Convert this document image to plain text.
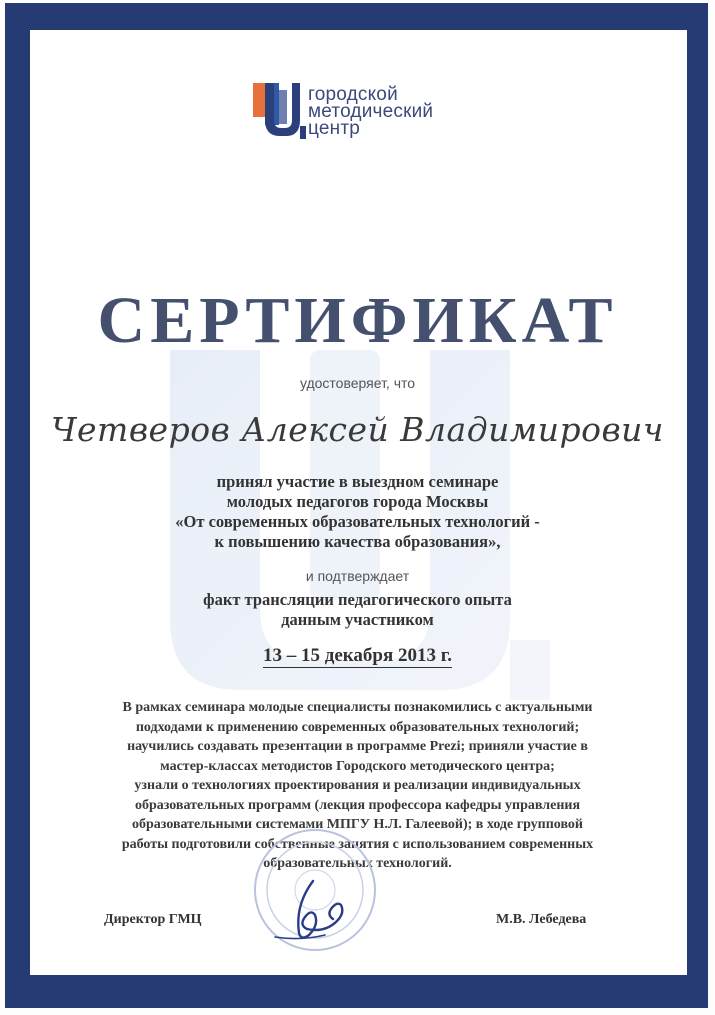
городской
методический
центр
СЕРТИФИКАТ
удостоверяет, что
Четверов Алексей Владимирович
принял участие в выездном семинаре
молодых педагогов города Москвы
«От современных образовательных технологий -
к повышению качества образования»,
и подтверждает
факт трансляции педагогического опыта
данным участником
13 – 15 декабря 2013 г.
В рамках семинара молодые специалисты познакомились с актуальными
подходами к применению современных образовательных технологий;
научились создавать презентации в программе Prezi; приняли участие в
мастер-классах методистов Городского методического центра;
узнали о технологиях проектирования и реализации индивидуальных
образовательных программ (лекция профессора кафедры управления
образовательными системами МПГУ Н.Л. Галеевой); в ходе групповой
работы подготовили собственные занятия с использованием современных
образовательных технологий.
Директор ГМЦ	М.В. Лебедева
